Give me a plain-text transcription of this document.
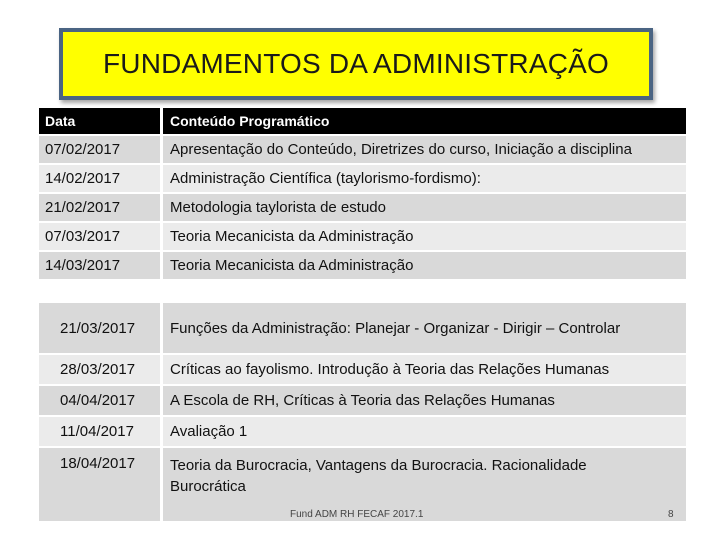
FUNDAMENTOS DA ADMINISTRAÇÃO
Data	Conteúdo Programático
07/02/2017	Apresentação do Conteúdo, Diretrizes do curso, Iniciação a disciplina
14/02/2017	Administração Científica (taylorismo-fordismo):
21/02/2017	Metodologia taylorista de estudo
07/03/2017	Teoria Mecanicista da Administração
14/03/2017	Teoria Mecanicista da Administração
21/03/2017	Funções da Administração: Planejar - Organizar - Dirigir – Controlar
28/03/2017	Críticas ao fayolismo. Introdução à Teoria das Relações Humanas
04/04/2017	A Escola de RH, Críticas à Teoria das Relações Humanas
11/04/2017	Avaliação 1
18/04/2017	Teoria da Burocracia, Vantagens da Burocracia. Racionalidade Burocrática
Fund ADM RH FECAF 2017.1	8
